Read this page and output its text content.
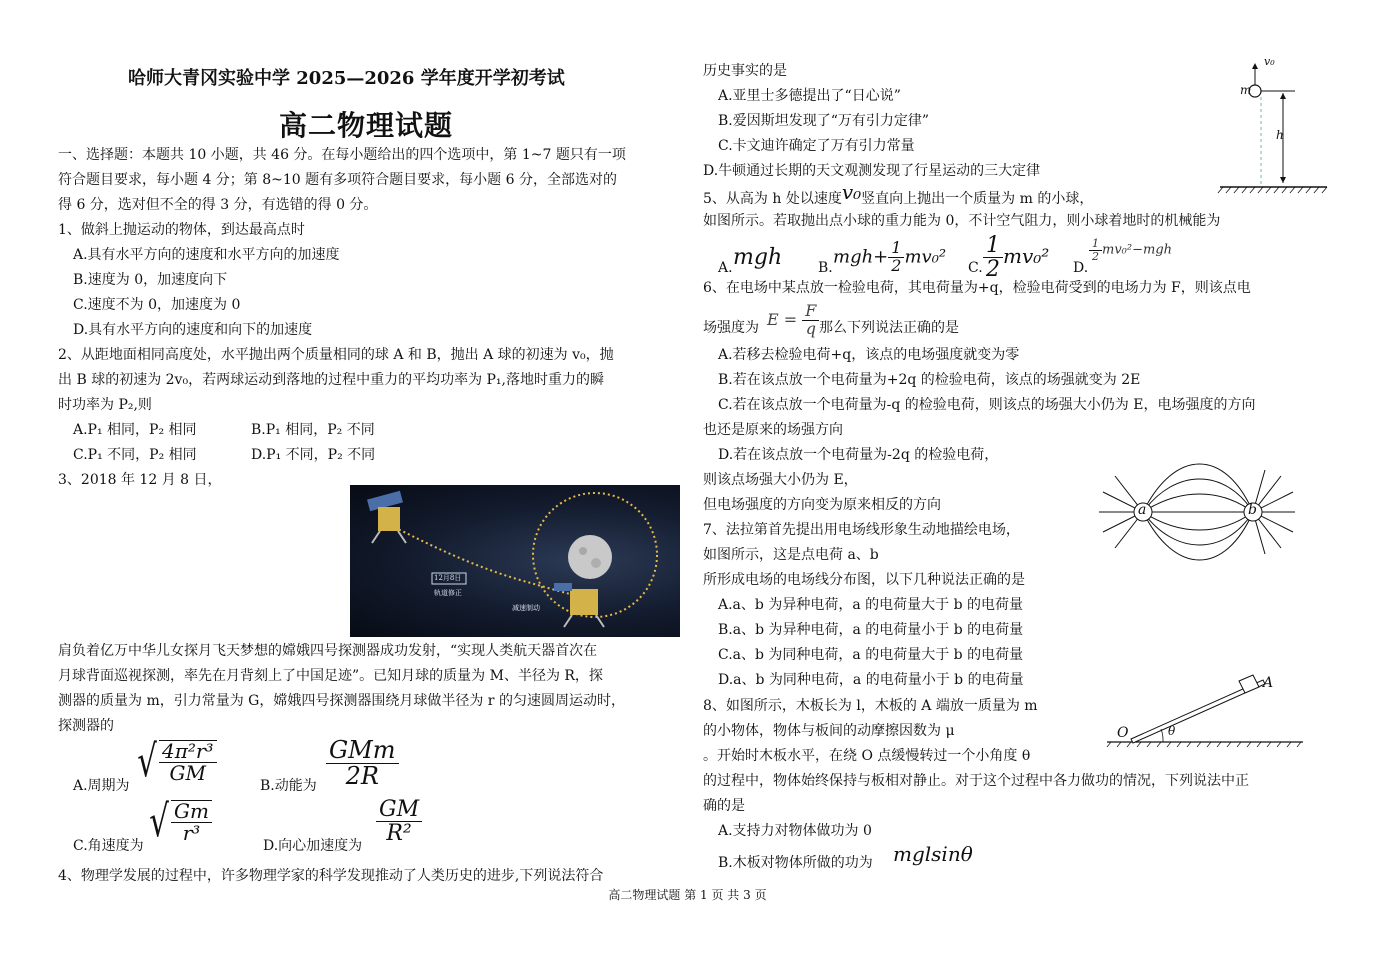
哈师大青冈实验中学 2025—2026 学年度开学初考试
高二物理试题
一、选择题：本题共 10 小题，共 46 分。在每小题给出的四个选项中，第 1~7 题只有一项
符合题目要求，每小题 4 分；第 8~10 题有多项符合题目要求，每小题 6 分，全部选对的
得 6 分，选对但不全的得 3 分，有选错的得 0 分。
1、做斜上抛运动的物体，到达最高点时
A.具有水平方向的速度和水平方向的加速度
B.速度为 0，加速度向下
C.速度不为 0，加速度为 0
D.具有水平方向的速度和向下的加速度
2、从距地面相同高度处，水平抛出两个质量相同的球 A 和 B，抛出 A 球的初速为 v₀，抛
出 B 球的初速为 2v₀，若两球运动到落地的过程中重力的平均功率为 P₁,落地时重力的瞬
时功率为 P₂,则
A.P₁ 相同，P₂ 相同	B.P₁ 相同，P₂ 不同
C.P₁ 不同，P₂ 相同	D.P₁ 不同，P₂ 不同
3、2018 年 12 月 8 日，
12月8日
轨道修正
减速制动
肩负着亿万中华儿女探月飞天梦想的嫦娥四号探测器成功发射，“实现人类航天器首次在
月球背面巡视探测，率先在月背刻上了中国足迹”。已知月球的质量为 M、半径为 R，探
测器的质量为 m，引力常量为 G，嫦娥四号探测器围绕月球做半径为 r 的匀速圆周运动时，
探测器的
A.周期为 √ $\frac{\text{4π²r³}}{GM}$
B.动能为 $\frac{\text{GMm}}{2R}$
C.角速度为 √ $\frac{Gm}{\text{r³}}$
D.向心加速度为
$\frac{GM}{\text{R²}}$
4、物理学发展的过程中，许多物理学家的科学发现推动了人类历史的进步,下列说法符合
历史事实的是
A.亚里士多德提出了“日心说”
B.爱因斯坦发现了“万有引力定律”
C.卡文迪许确定了万有引力常量
D.牛顿通过长期的天文观测发现了行星运动的三大定律
v₀
m
h
5、从高为 h 处以速度v₀竖直向上抛出一个质量为 m 的小球，
如图所示。若取抛出点小球的重力能为 0，不计空气阻力，则小球着地时的机械能为
A. mgh	B.
$mgh+ \frac{1}{2} mv_0^2$
C. $\frac{1}{2} mv_0^2$ D.
$\frac{1}{2} mv_0^2-mgh$
6、在电场中某点放一检验电荷，其电荷量为+q，检验电荷受到的电场力为 F，则该点电
场强度为 $E = \frac{F}{q}$ 那么下列说法正确的是
A.若移去检验电荷+q，该点的电场强度就变为零
B.若在该点放一个电荷量为+2q 的检验电荷，该点的场强就变为 2E
C.若在该点放一个电荷量为-q 的检验电荷，则该点的场强大小仍为 E，电场强度的方向
也还是原来的场强方向
D.若在该点放一个电荷量为-2q 的检验电荷，
则该点场强大小仍为 E，
但电场强度的方向变为原来相反的方向	a	b
7、法拉第首先提出用电场线形象生动地描绘电场，
如图所示，这是点电荷 a、b
所形成电场的电场线分布图，以下几种说法正确的是
A.a、b 为异种电荷，a 的电荷量大于 b 的电荷量
B.a、b 为异种电荷，a 的电荷量小于 b 的电荷量
C.a、b 为同种电荷，a 的电荷量大于 b 的电荷量
D.a、b 为同种电荷，a 的电荷量小于 b 的电荷量
O
A
θ
8、如图所示，木板长为 l，木板的 A 端放一质量为 m
的小物体，物体与板间的动摩擦因数为 μ
。开始时木板水平，在绕 O 点缓慢转过一个小角度 θ
的过程中，物体始终保持与板相对静止。对于这个过程中各力做功的情况，下列说法中正
确的是
A.支持力对物体做功为 0
B.木板对物体所做的功为 mglsinθ
高二物理试题 第 1 页 共 3 页
